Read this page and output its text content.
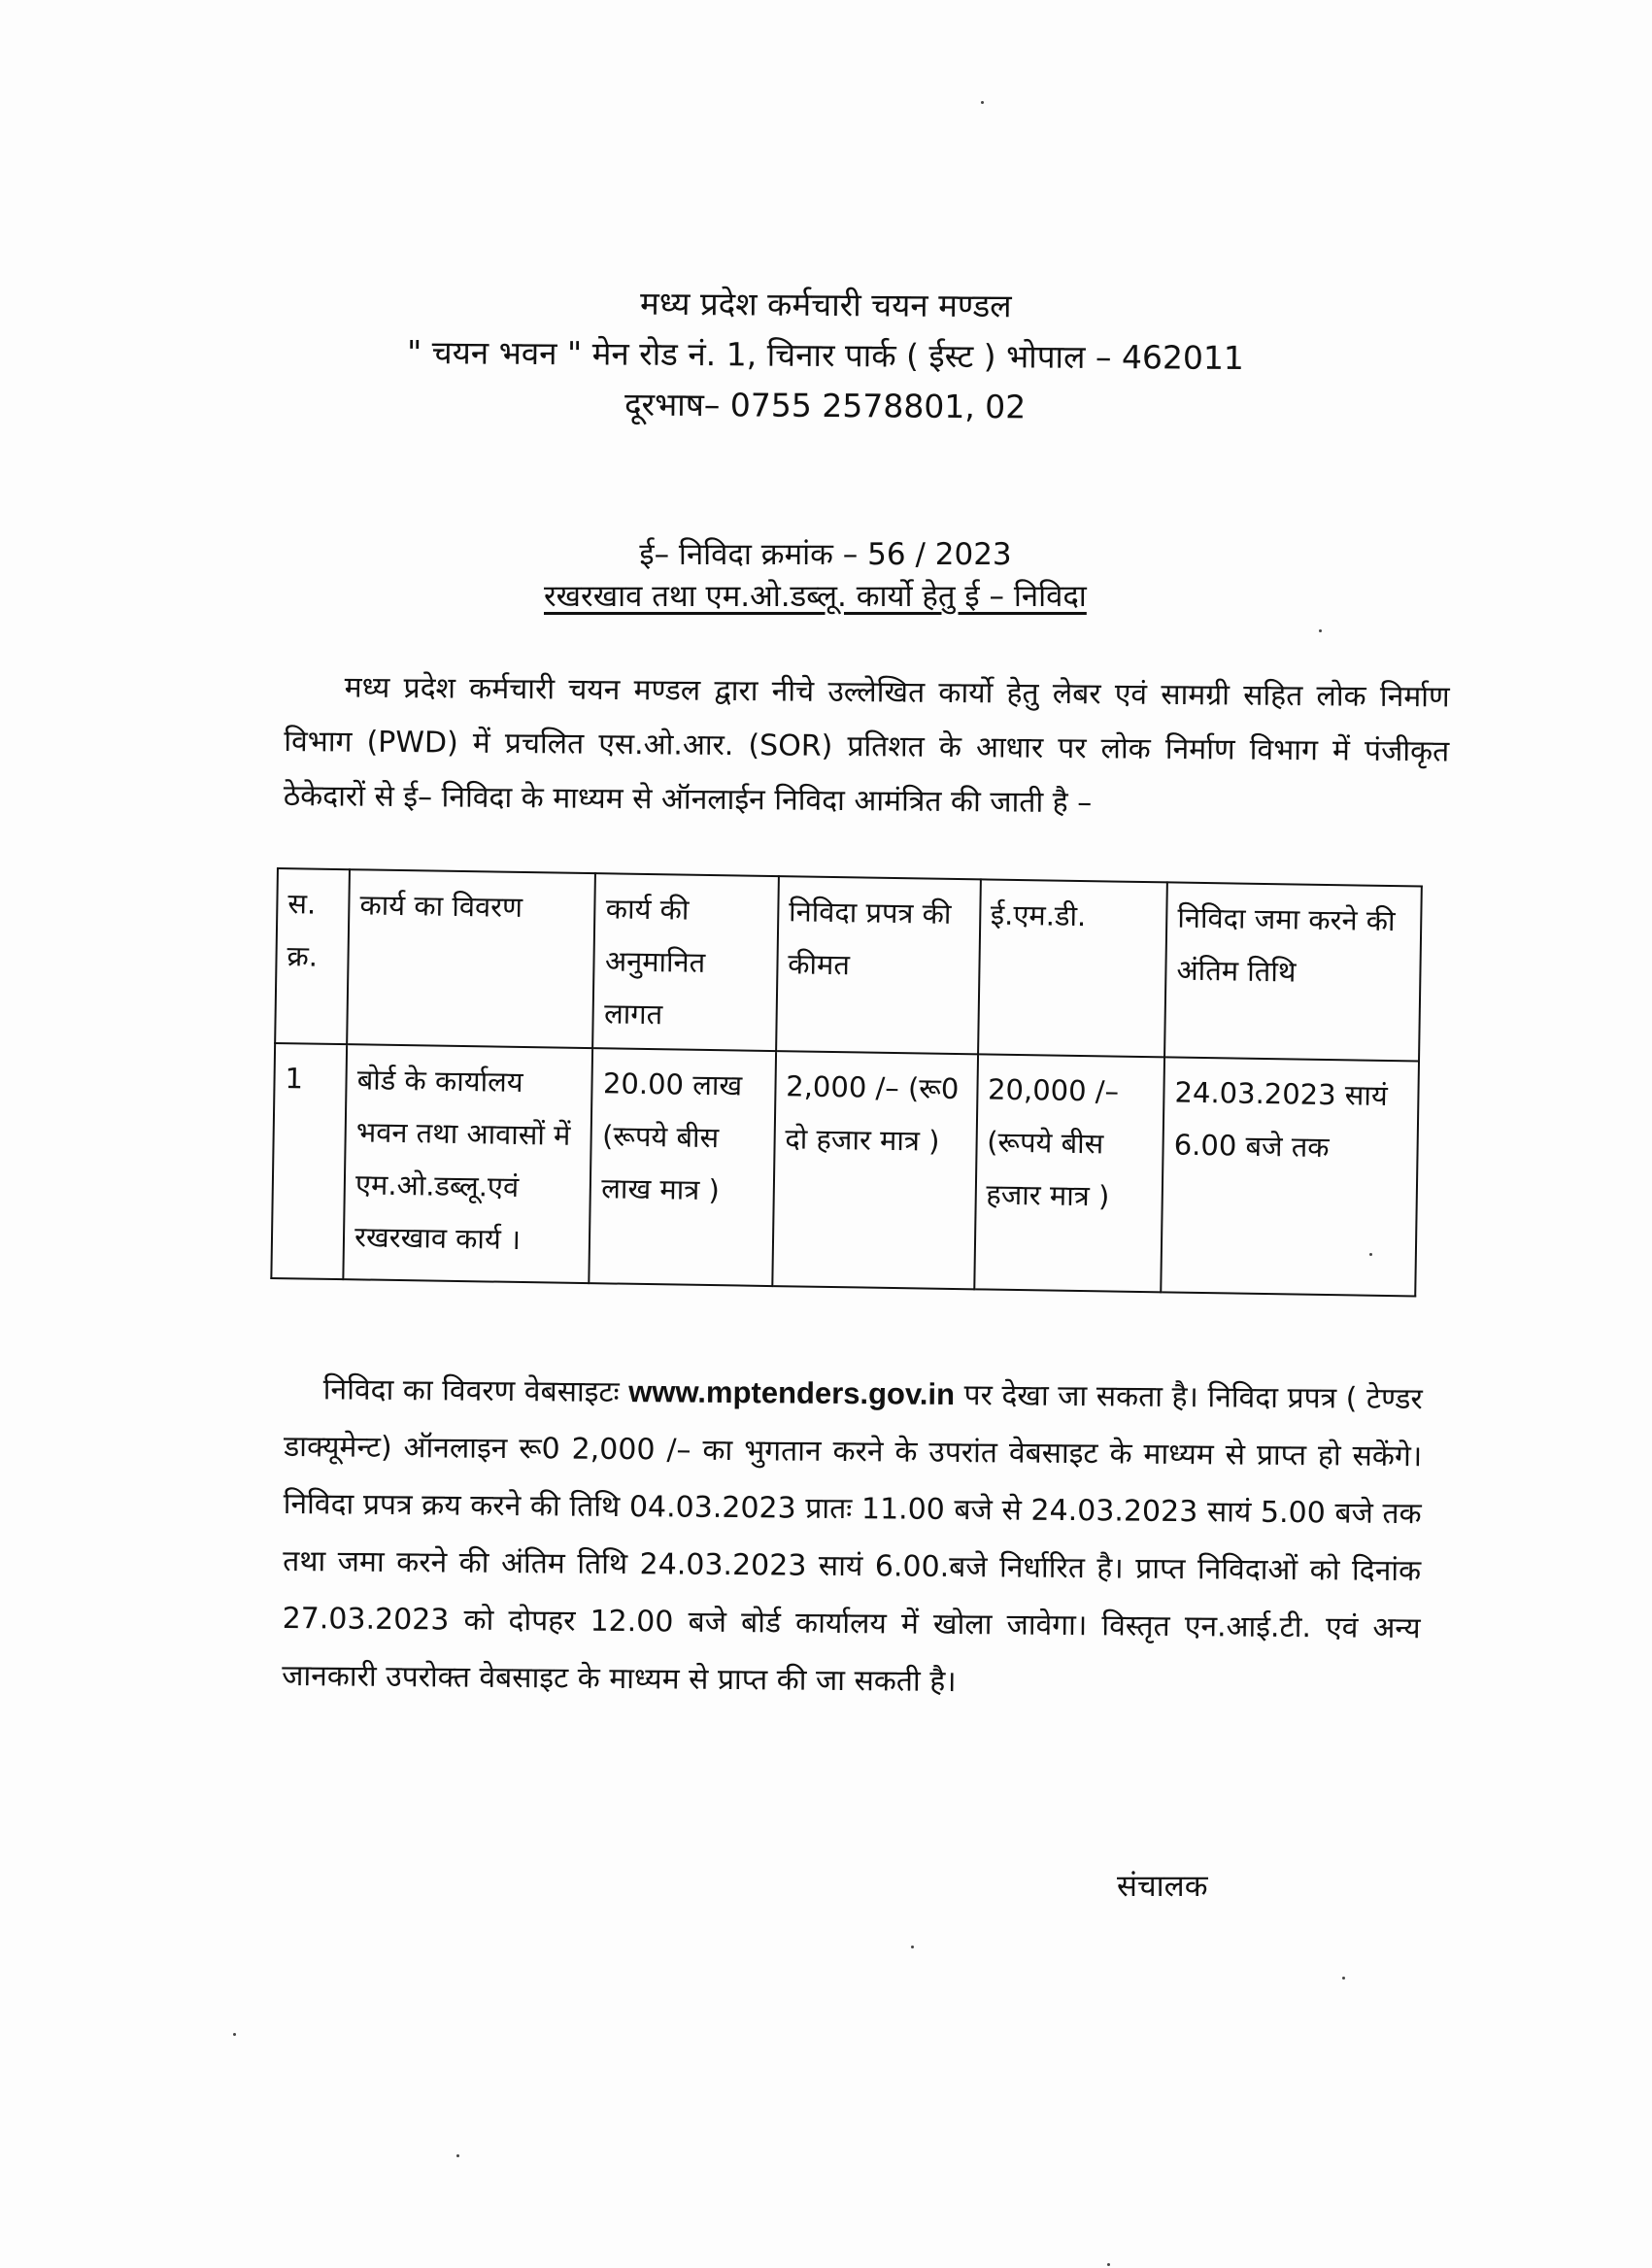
मध्य प्रदेश कर्मचारी चयन मण्डल
" चयन भवन " मेन रोड नं. 1, चिनार पार्क ( ईस्ट ) भोपाल – 462011
दूरभाष– 0755 2578801, 02
ई– निविदा क्रमांक – 56 / 2023
रखरखाव तथा एम.ओ.डब्लू. कार्यो हेतु ई – निविदा
मध्य प्रदेश कर्मचारी चयन मण्डल द्वारा नीचे उल्लेखित कार्यो हेतु लेबर एवं सामग्री सहित लोक निर्माण विभाग (PWD) में प्रचलित एस.ओ.आर. (SOR) प्रतिशत के आधार पर लोक निर्माण विभाग में पंजीकृत ठेकेदारों से ई– निविदा के माध्यम से ऑनलाईन निविदा आमंत्रित की जाती है –
स. क्र.	कार्य का विवरण	कार्य की अनुमानित लागत	निविदा प्रपत्र की कीमत	ई.एम.डी.	निविदा जमा करने की अंतिम तिथि
1	बोर्ड के कार्यालय भवन तथा आवासों में एम.ओ.डब्लू.एवं रखरखाव कार्य ।	20.00 लाख (रूपये बीस लाख मात्र )	2,000 /– (रू0 दो हजार मात्र )	20,000 /– (रूपये बीस हजार मात्र )	24.03.2023 सायं 6.00 बजे तक
निविदा का विवरण वेबसाइटः www.mptenders.gov.in पर देखा जा सकता है। निविदा प्रपत्र ( टेण्डर डाक्यूमेन्ट) ऑनलाइन रू0 2,000 /– का भुगतान करने के उपरांत वेबसाइट के माध्यम से प्राप्त हो सकेंगे। निविदा प्रपत्र क्रय करने की तिथि 04.03.2023 प्रातः 11.00 बजे से 24.03.2023 सायं 5.00 बजे तक तथा जमा करने की अंतिम तिथि 24.03.2023 सायं 6.00.बजे निर्धारित है। प्राप्त निविदाओं को दिनांक 27.03.2023 को दोपहर 12.00 बजे बोर्ड कार्यालय में खोला जावेगा। विस्तृत एन.आई.टी. एवं अन्य जानकारी उपरोक्त वेबसाइट के माध्यम से प्राप्त की जा सकती है।
संचालक
